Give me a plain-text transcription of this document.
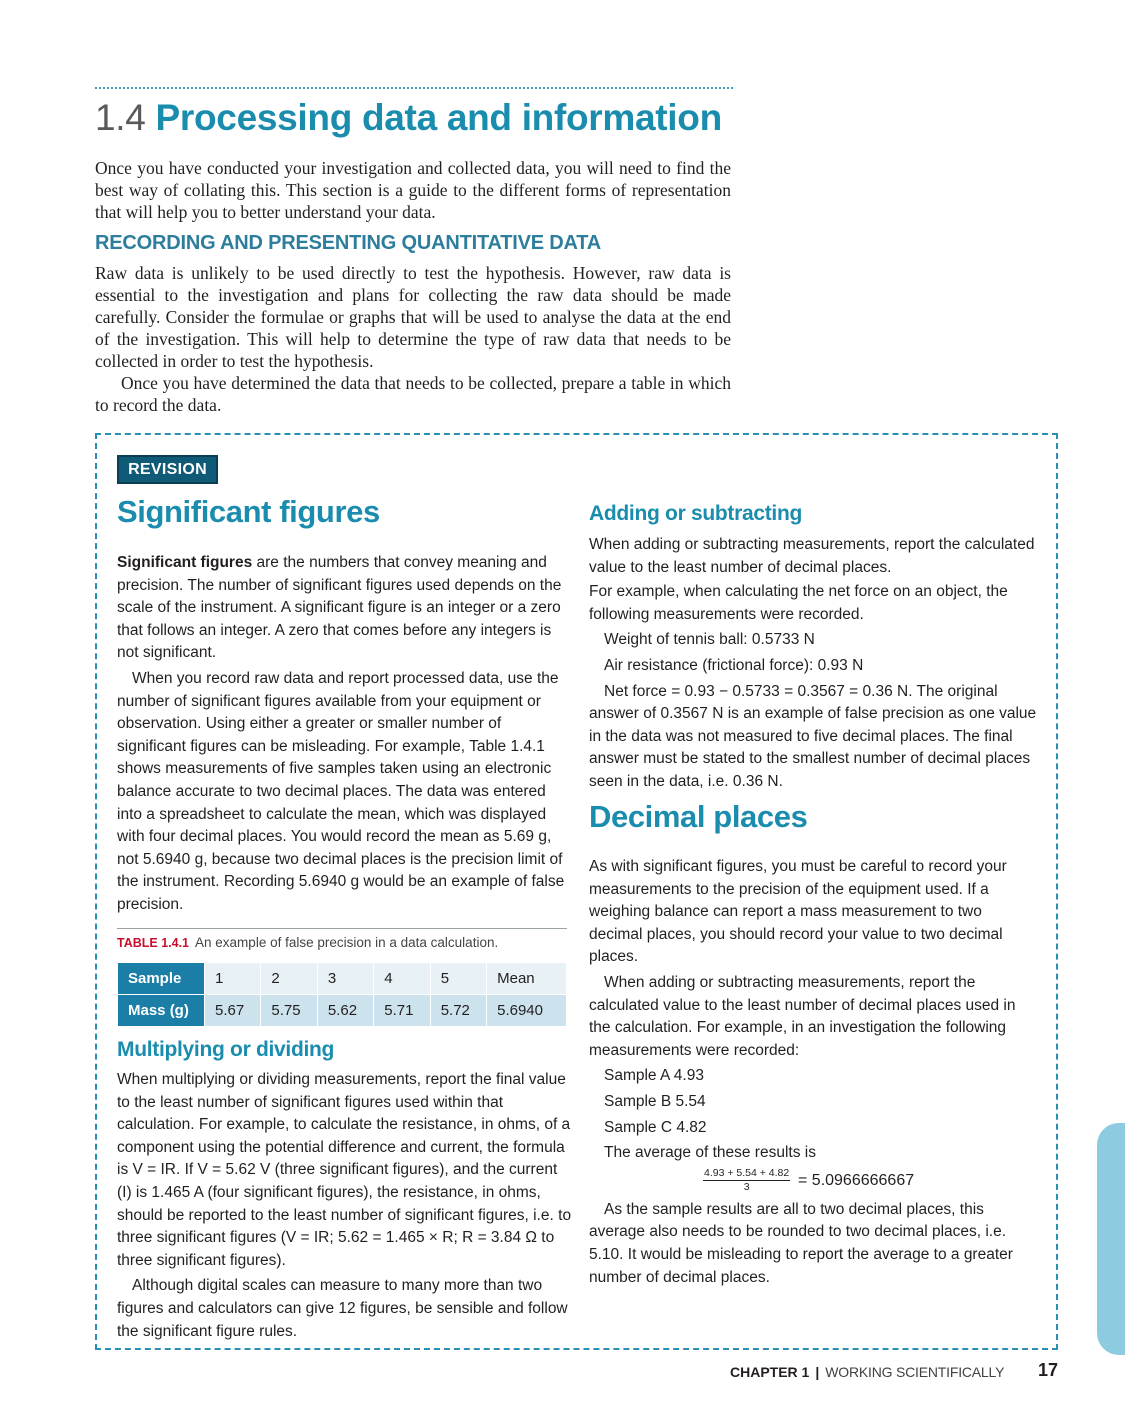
1.4 Processing data and information

Once you have conducted your investigation and collected data, you will need to find the best way of collating this. This section is a guide to the different forms of representation that will help you to better understand your data.

RECORDING AND PRESENTING QUANTITATIVE DATA

Raw data is unlikely to be used directly to test the hypothesis. However, raw data is essential to the investigation and plans for collecting the raw data should be made carefully. Consider the formulae or graphs that will be used to analyse the data at the end of the investigation. This will help to determine the type of raw data that needs to be collected in order to test the hypothesis.

Once you have determined the data that needs to be collected, prepare a table in which to record the data.

REVISION
Significant figures

Significant figures are the numbers that convey meaning and precision. The number of significant figures used depends on the scale of the instrument. A significant figure is an integer or a zero that follows an integer. A zero that comes before any integers is not significant.

When you record raw data and report processed data, use the number of significant figures available from your equipment or observation. Using either a greater or smaller number of significant figures can be misleading. For example, Table 1.4.1 shows measurements of five samples taken using an electronic balance accurate to two decimal places. The data was entered into a spreadsheet to calculate the mean, which was displayed with four decimal places. You would record the mean as 5.69 g, not 5.6940 g, because two decimal places is the precision limit of the instrument. Recording 5.6940 g would be an example of false precision.

TABLE 1.4.1 An example of false precision in a data calculation.
Sample	1	2	3	4	5	Mean
Mass (g)	5.67	5.75	5.62	5.71	5.72	5.6940
Multiplying or dividing

When multiplying or dividing measurements, report the final value to the least number of significant figures used within that calculation. For example, to calculate the resistance, in ohms, of a component using the potential difference and current, the formula is V = IR. If V = 5.62 V (three significant figures), and the current (I) is 1.465 A (four significant figures), the resistance, in ohms, should be reported to the least number of significant figures, i.e. to three significant figures (V = IR; 5.62 = 1.465 × R; R = 3.84 Ω to three significant figures).

Although digital scales can measure to many more than two figures and calculators can give 12 figures, be sensible and follow the significant figure rules.

Adding or subtracting

When adding or subtracting measurements, report the calculated value to the least number of decimal places.

For example, when calculating the net force on an object, the following measurements were recorded.

Weight of tennis ball: 0.5733 N

Air resistance (frictional force): 0.93 N

Net force = 0.93 − 0.5733 = 0.3567 = 0.36 N. The original answer of 0.3567 N is an example of false precision as one value in the data was not measured to five decimal places. The final answer must be stated to the smallest number of decimal places seen in the data, i.e. 0.36 N.

Decimal places

As with significant figures, you must be careful to record your measurements to the precision of the equipment used. If a weighing balance can report a mass measurement to two decimal places, you should record your value to two decimal places.

When adding or subtracting measurements, report the calculated value to the least number of decimal places used in the calculation. For example, in an investigation the following measurements were recorded:

Sample A 4.93

Sample B 5.54

Sample C 4.82

The average of these results is

$\frac{4.93 + 5.54 + 4.82}{3} = 5.0966666667$

As the sample results are all to two decimal places, this average also needs to be rounded to two decimal places, i.e. 5.10. It would be misleading to report the average to a greater number of decimal places.

CHAPTER 1 | WORKING SCIENTIFICALLY 17
